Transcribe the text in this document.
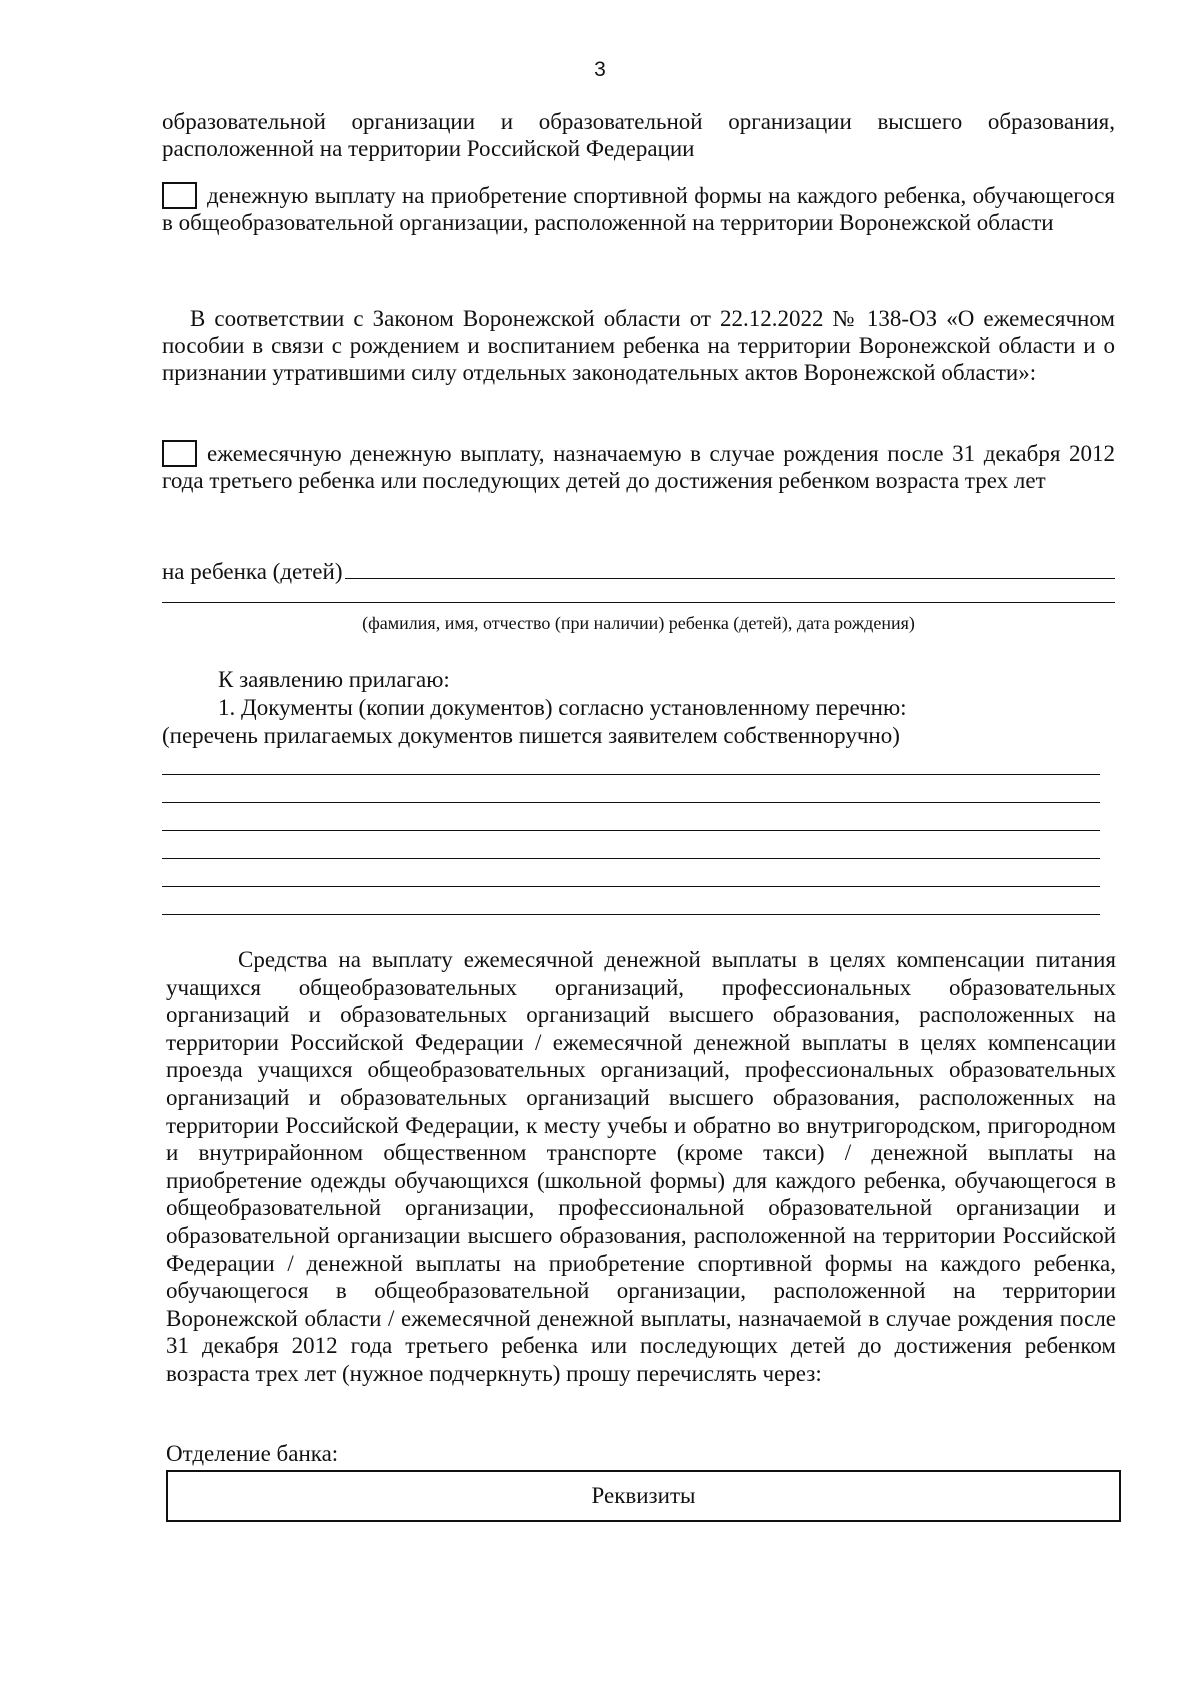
3
образовательной организации и образовательной организации высшего образования, расположенной на территории Российской Федерации
денежную выплату на приобретение спортивной формы на каждого ребенка, обучающегося в общеобразовательной организации, расположенной на территории Воронежской области
В соответствии с Законом Воронежской области от 22.12.2022 № 138-ОЗ «О ежемесячном пособии в связи с рождением и воспитанием ребенка на территории Воронежской области и о признании утратившими силу отдельных законодательных актов Воронежской области»:
ежемесячную денежную выплату, назначаемую в случае рождения после 31 декабря 2012 года третьего ребенка или последующих детей до достижения ребенком возраста трех лет
на ребенка (детей)
(фамилия, имя, отчество (при наличии) ребенка (детей), дата рождения)
К заявлению прилагаю:
1. Документы (копии документов) согласно установленному перечню:
(перечень прилагаемых документов пишется заявителем собственноручно)
Средства на выплату ежемесячной денежной выплаты в целях компенсации питания учащихся общеобразовательных организаций, профессиональных образовательных организаций и образовательных организаций высшего образования, расположенных на территории Российской Федерации / ежемесячной денежной выплаты в целях компенсации проезда учащихся общеобразовательных организаций, профессиональных образовательных организаций и образовательных организаций высшего образования, расположенных на территории Российской Федерации, к месту учебы и обратно во внутригородском, пригородном и внутрирайонном общественном транспорте (кроме такси) / денежной выплаты на приобретение одежды обучающихся (школьной формы) для каждого ребенка, обучающегося в общеобразовательной организации, профессиональной образовательной организации и образовательной организации высшего образования, расположенной на территории Российской Федерации / денежной выплаты на приобретение спортивной формы на каждого ребенка, обучающегося в общеобразовательной организации, расположенной на территории Воронежской области / ежемесячной денежной выплаты, назначаемой в случае рождения после 31 декабря 2012 года третьего ребенка или последующих детей до достижения ребенком возраста трех лет (нужное подчеркнуть) прошу перечислять через:
Отделение банка:
Реквизиты
